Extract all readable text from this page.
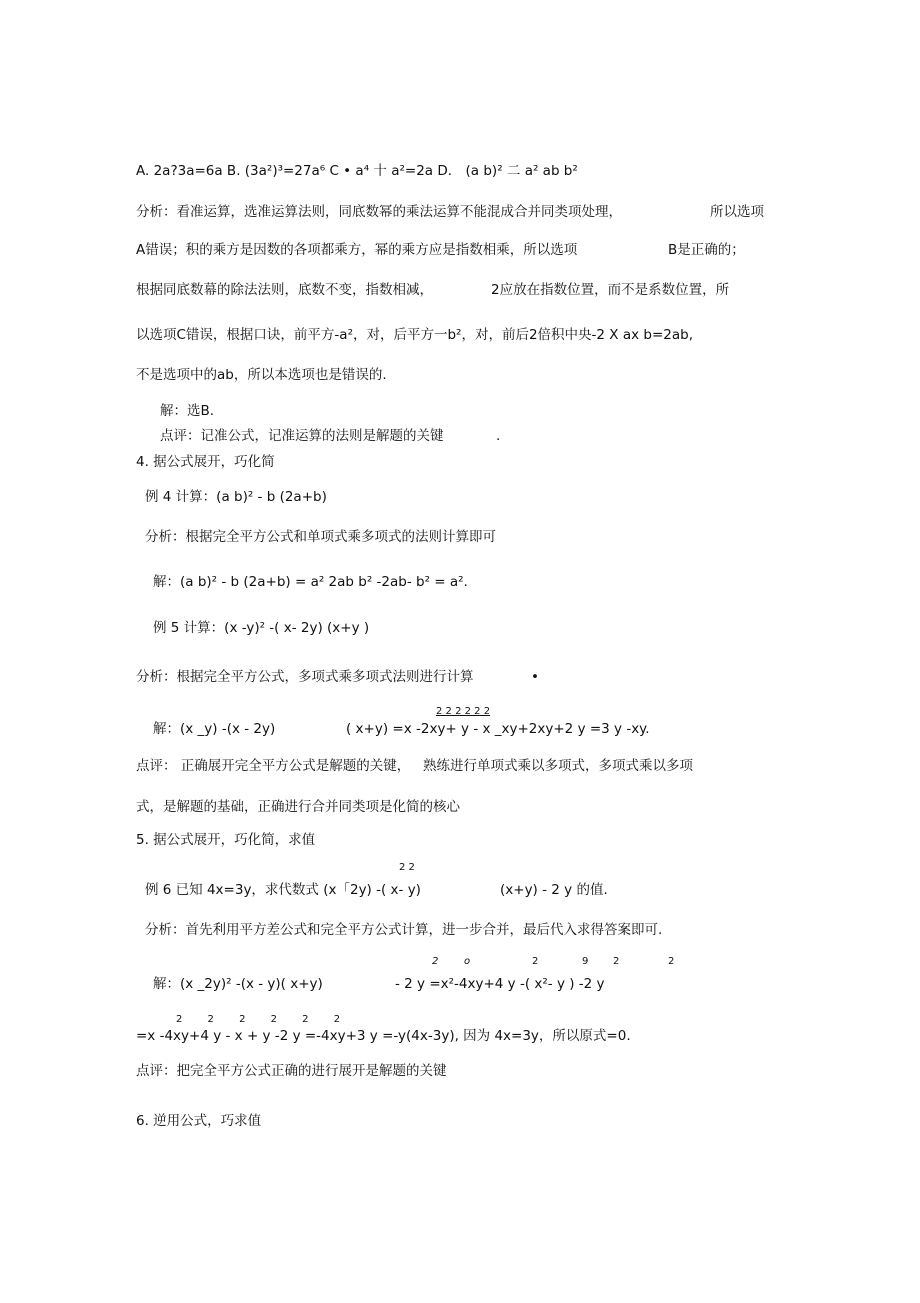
A. 2a?3a=6a B. (3a²)³=27a⁶ C • a⁴ 十 a²=2a D． (a b)² 二 a² ab b²
分析：看准运算，选准运算法则，同底数幂的乘法运算不能混成合并同类项处理，	所以选项
A错误；积的乘方是因数的各项都乘方，幂的乘方应是指数相乘，所以选项	B是正确的；
根据同底数幕的除法法则，底数不变，指数相减，	2应放在指数位置，而不是系数位置，所
以选项C错误，根据口诀，前平方-a²，对，后平方一b²，对，前后2倍积中央-2 X ax b=2ab,
不是选项中的ab，所以本选项也是错误的.
解：选B.
点评：记准公式，记准运算的法则是解题的关键	.
4. 据公式展开，巧化简
例 4 计算：(a b)² - b (2a+b)
分析：根据完全平方公式和单项式乘多项式的法则计算即可
解：(a b)² - b (2a+b) = a² 2ab b² -2ab- b² = a².
例 5 计算：(x -y)² -( x- 2y) (x+y )
分析：根据完全平方公式，多项式乘多项式法则进行计算	•
2 2 2 2 2 2
解：(x _y) -(x - 2y)	( x+y) =x -2xy+ y - x _xy+2xy+2 y =3 y -xy.
点评： 正确展开完全平方公式是解题的关键， 熟练进行单项式乘以多项式，多项式乘以多项
式，是解题的基础，正确进行合并同类项是化简的核心
5. 据公式展开，巧化简，求值
2 2
例 6 已知 4x=3y，求代数式 (x「2y) -( x- y)	(x+y) - 2 y 的值.
分析：首先利用平方差公式和完全平方公式计算，进一步合并，最后代入求得答案即可.
2	o	2	9 2	2
解：(x _2y)² -(x - y)( x+y)	- 2 y =x²-4xy+4 y -( x²- y ) -2 y
2 2 2 2 2 2
=x -4xy+4 y - x + y -2 y =-4xy+3 y =-y(4x-3y), 因为 4x=3y，所以原式=0.
点评：把完全平方公式正确的进行展开是解题的关键
6. 逆用公式，巧求值
